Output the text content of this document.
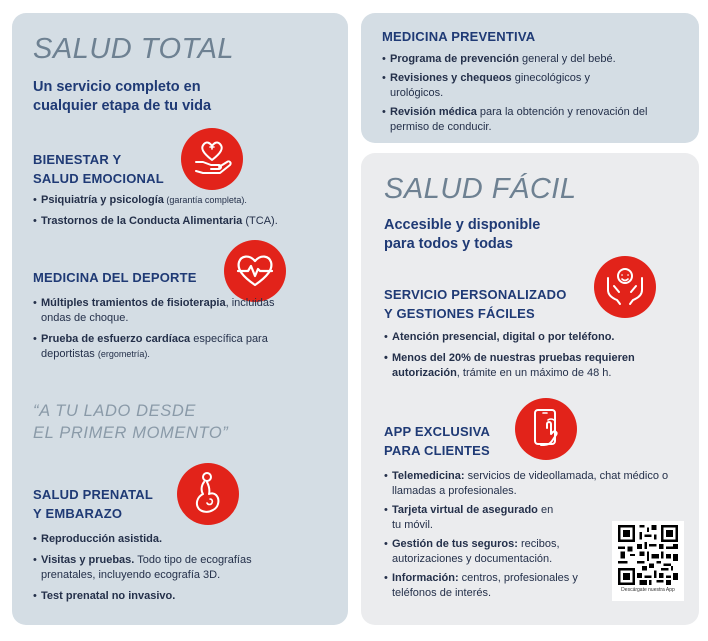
SALUD TOTAL
Un servicio completo en
cualquier etapa de tu vida
BIENESTAR Y
SALUD EMOCIONAL
• Psiquiatría y psicología (garantía completa).
• Trastornos de la Conducta Alimentaria (TCA).
MEDICINA DEL DEPORTE
• Múltiples tramientos de fisioterapia, incluidas ondas de choque.
• Prueba de esfuerzo cardíaca específica para deportistas (ergometría).
“A TU LADO DESDE
EL PRIMER MOMENTO”
SALUD PRENATAL
Y EMBARAZO
• Reproducción asistida.
• Visitas y pruebas. Todo tipo de ecografías prenatales, incluyendo ecografía 3D.
• Test prenatal no invasivo.
MEDICINA PREVENTIVA
• Programa de prevención general y del bebé.
• Revisiones y chequeos ginecológicos y urológicos.
• Revisión médica para la obtención y renovación del permiso de conducir.
SALUD FÁCIL
Accesible y disponible
para todos y todas
SERVICIO PERSONALIZADO
Y GESTIONES FÁCILES
• Atención presencial, digital o por teléfono.
• Menos del 20% de nuestras pruebas requieren autorización, trámite en un máximo de 48 h.
APP EXCLUSIVA
PARA CLIENTES
• Telemedicina: servicios de videollamada, chat médico o llamadas a profesionales.
• Tarjeta virtual de asegurado en tu móvil.
• Gestión de tus seguros: recibos, autorizaciones y documentación.
• Información: centros, profesionales y teléfonos de interés.	Descárgate nuestra App
